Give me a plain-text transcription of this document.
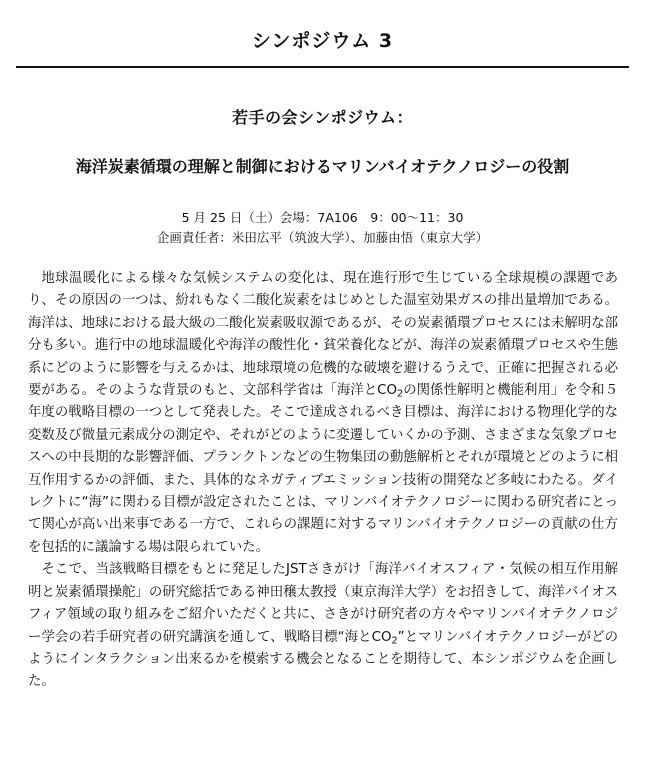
シンポジウム 3
若手の会シンポジウム：
海洋炭素循環の理解と制御におけるマリンバイオテクノロジーの役割
5 月 25 日（土）会場：7A106　9：00〜11：30
企画責任者：米田広平（筑波大学）、加藤由悟（東京大学）

地球温暖化による様々な気候システムの変化は、現在進行形で生じている全球規模の課題であり、その原因の一つは、紛れもなく二酸化炭素をはじめとした温室効果ガスの排出量増加である。海洋は、地球における最大級の二酸化炭素吸収源であるが、その炭素循環プロセスには未解明な部分も多い。進行中の地球温暖化や海洋の酸性化・貧栄養化などが、海洋の炭素循環プロセスや生態系にどのように影響を与えるかは、地球環境の危機的な破壊を避けるうえで、正確に把握される必要がある。そのような背景のもと、文部科学省は「海洋と$CO_2$の関係性解明と機能利用」を令和５年度の戦略目標の一つとして発表した。そこで達成されるべき目標は、海洋における物理化学的な変数及び微量元素成分の測定や、それがどのように変遷していくかの予測、さまざまな気象プロセスへの中長期的な影響評価、プランクトンなどの生物集団の動態解析とそれが環境とどのように相互作用するかの評価、また、具体的なネガティブエミッション技術の開発など多岐にわたる。ダイレクトに“海”に関わる目標が設定されたことは、マリンバイオテクノロジーに関わる研究者にとって関心が高い出来事である一方で、これらの課題に対するマリンバイオテクノロジーの貢献の仕方を包括的に議論する場は限られていた。

そこで、当該戦略目標をもとに発足したJSTさきがけ「海洋バイオスフィア・気候の相互作用解明と炭素循環操舵」の研究総括である神田穣太教授（東京海洋大学）をお招きして、海洋バイオスフィア領域の取り組みをご紹介いただくと共に、さきがけ研究者の方々やマリンバイオテクノロジー学会の若手研究者の研究講演を通して、戦略目標“海と$CO_2$”とマリンバイオテクノロジーがどのようにインタラクション出来るかを模索する機会となることを期待して、本シンポジウムを企画した。
